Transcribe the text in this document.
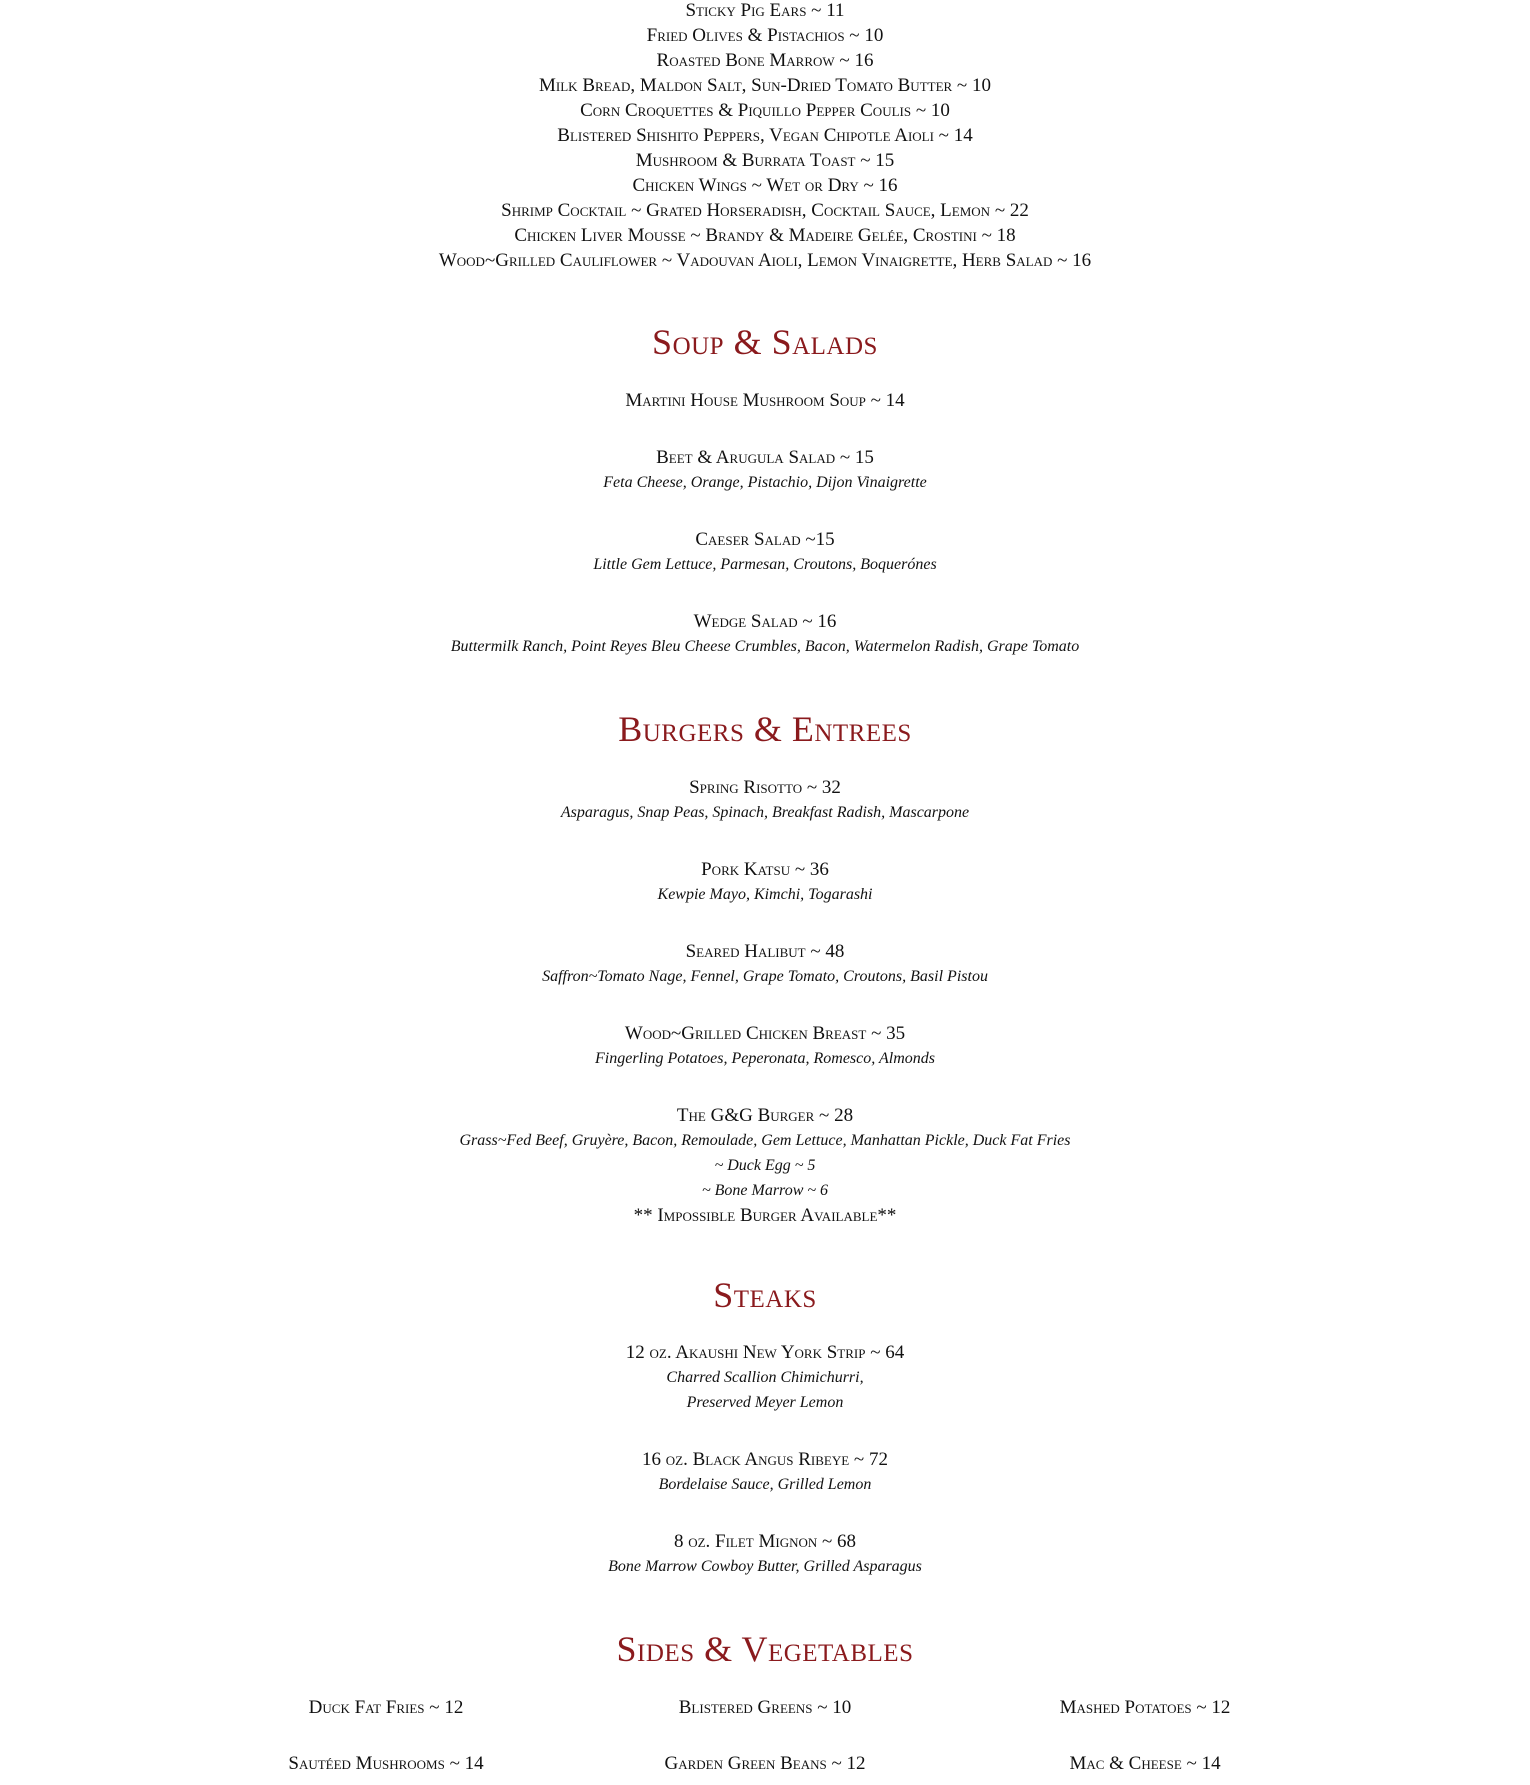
Sticky Pig Ears ~ 11
Fried Olives & Pistachios ~ 10
Roasted Bone Marrow ~ 16
Milk Bread, Maldon Salt, Sun-Dried Tomato Butter ~ 10
Corn Croquettes & Piquillo Pepper Coulis ~ 10
Blistered Shishito Peppers, Vegan Chipotle Aioli ~ 14
Mushroom & Burrata Toast ~ 15
Chicken Wings ~ Wet or Dry ~ 16
Shrimp Cocktail ~ Grated Horseradish, Cocktail Sauce, Lemon ~ 22
Chicken Liver Mousse ~ Brandy & Madeire Gelée, Crostini ~ 18
Wood~Grilled Cauliflower ~ Vadouvan Aioli, Lemon Vinaigrette, Herb Salad ~ 16
Soup & Salads
Martini House Mushroom Soup ~ 14
Beet & Arugula Salad ~ 15
Feta Cheese, Orange, Pistachio, Dijon Vinaigrette
Caeser Salad ~15
Little Gem Lettuce, Parmesan, Croutons, Boquerónes
Wedge Salad ~ 16
Buttermilk Ranch, Point Reyes Bleu Cheese Crumbles, Bacon, Watermelon Radish, Grape Tomato
Burgers & Entrees
Spring Risotto ~ 32
Asparagus, Snap Peas, Spinach, Breakfast Radish, Mascarpone
Pork Katsu ~ 36
Kewpie Mayo, Kimchi, Togarashi
Seared Halibut ~ 48
Saffron~Tomato Nage, Fennel, Grape Tomato, Croutons, Basil Pistou
Wood~Grilled Chicken Breast ~ 35
Fingerling Potatoes, Peperonata, Romesco, Almonds
The G&G Burger ~ 28
Grass~Fed Beef, Gruyère, Bacon, Remoulade, Gem Lettuce, Manhattan Pickle, Duck Fat Fries
~ Duck Egg ~ 5
~ Bone Marrow ~ 6
** Impossible Burger Available**
Steaks
12 oz. Akaushi New York Strip ~ 64
Charred Scallion Chimichurri,
Preserved Meyer Lemon
16 oz. Black Angus Ribeye ~ 72
Bordelaise Sauce, Grilled Lemon
8 oz. Filet Mignon ~ 68
Bone Marrow Cowboy Butter, Grilled Asparagus
Sides & Vegetables
Duck Fat Fries ~ 12
Sautéed Mushrooms ~ 14
Blistered Greens ~ 10
Garden Green Beans ~ 12
Mashed Potatoes ~ 12
Mac & Cheese ~ 14
